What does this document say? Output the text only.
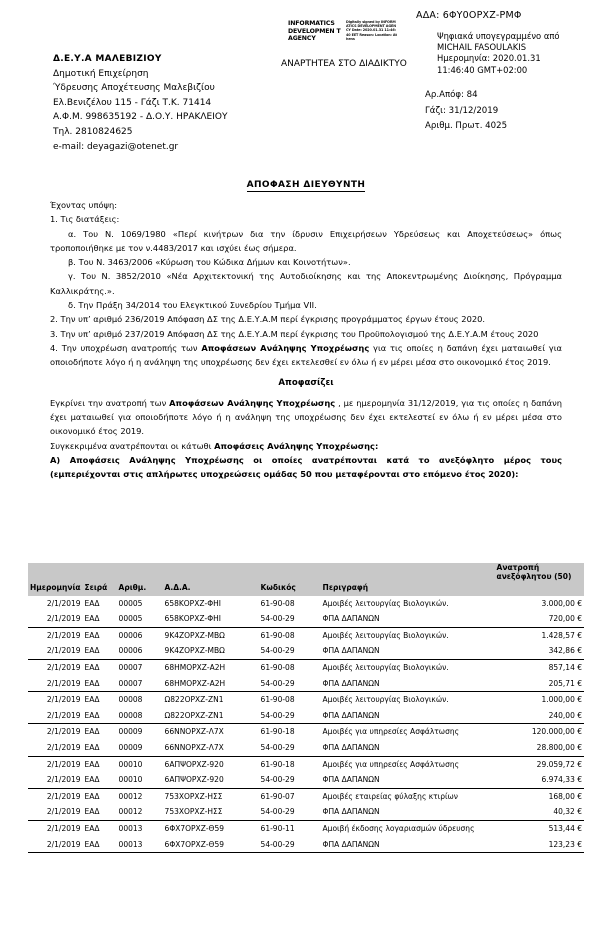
ΑΔΑ: 6ΦΥ0ΟΡΧΖ-ΡΜΦ
INFORMATICS DEVELOPMEN T AGENCY
Digitally signed by INFORMATICS DEVELOPMENT AGENCY Date: 2020.01.31 11:46:40 EET Reason: Location: Athens
ΑΝΑΡΤΗΤΕΑ ΣΤΟ ΔΙΑΔΙΚΤΥΟ
Ψηφιακά υπογεγραμμένο από
MICHAIL FASOULAKIS
Ημερομηνία: 2020.01.31
11:46:40 GMT+02:00
Δ.Ε.Υ.Α ΜΑΛΕΒΙΖΙΟΥ
Δημοτική Επιχείρηση
Ύδρευσης Αποχέτευσης Μαλεβιζίου
Ελ.Βενιζέλου 115 - Γάζι Τ.Κ. 71414
Α.Φ.Μ. 998635192 - Δ.Ο.Υ. ΗΡΑΚΛΕΙΟΥ
Τηλ. 2810824625
e-mail: deyagazi@otenet.gr
Αρ.Απόφ: 84
Γάζι: 31/12/2019
Αριθμ. Πρωτ. 4025
ΑΠΟΦΑΣΗ ΔΙΕΥΘΥΝΤΗ

Έχοντας υπόψη:

1. Τις διατάξεις:

α. Του Ν. 1069/1980 «Περί κινήτρων δια την ίδρυσιν Επιχειρήσεων Υδρεύσεως και Αποχετεύσεως» όπως τροποποιήθηκε με τον ν.4483/2017 και ισχύει έως σήμερα.

β. Του Ν. 3463/2006 «Κύρωση του Κώδικα Δήμων και Κοινοτήτων».

γ. Του Ν. 3852/2010 «Νέα Αρχιτεκτονική της Αυτοδιοίκησης και της Αποκεντρωμένης Διοίκησης, Πρόγραμμα Καλλικράτης.».

δ. Την Πράξη 34/2014 του Ελεγκτικού Συνεδρίου Τμήμα VII.

2. Την υπ’ αριθμό 236/2019 Απόφαση ΔΣ της Δ.Ε.Υ.Α.Μ περί έγκρισης προγράμματος έργων έτους 2020.

3. Την υπ’ αριθμό 237/2019 Απόφαση ΔΣ της Δ.Ε.Υ.Α.Μ περί έγκρισης του Προϋπολογισμού της Δ.Ε.Υ.Α.Μ έτους 2020

4. Την υποχρέωση ανατροπής των Αποφάσεων Ανάληψης Υποχρέωσης για τις οποίες η δαπάνη έχει ματαιωθεί για οποιοδήποτε λόγο ή η ανάληψη της υποχρέωσης δεν έχει εκτελεσθεί εν όλω ή εν μέρει μέσα στο οικονομικό έτος 2019.

Αποφασίζει

Εγκρίνει την ανατροπή των Αποφάσεων Ανάληψης Υποχρέωσης , με ημερομηνία 31/12/2019, για τις οποίες η δαπάνη έχει ματαιωθεί για οποιοδήποτε λόγο ή η ανάληψη της υποχρέωσης δεν έχει εκτελεστεί εν όλω ή εν μέρει μέσα στο οικονομικό έτος 2019.

Συγκεκριμένα ανατρέπονται οι κάτωθι Αποφάσεις Ανάληψης Υποχρέωσης:

Α) Αποφάσεις Ανάληψης Υποχρέωσης οι οποίες ανατρέπονται κατά το ανεξόφλητο μέρος τους (εμπεριέχονται στις απλήρωτες υποχρεώσεις ομάδας 50 που μεταφέρονται στο επόμενο έτος 2020):

						Ανατροπή ανεξόφλητου (50)
Ημερομηνία	Σειρά	Αριθμ.	Α.Δ.Α.	Κωδικός	Περιγραφή	
2/1/2019	ΕΑΔ	00005	658ΚΟΡΧΖ-ΦΗΙ	61-90-08	Αμοιβές λειτουργίας Βιολογικών.	3.000,00 €
2/1/2019	ΕΑΔ	00005	658ΚΟΡΧΖ-ΦΗΙ	54-00-29	ΦΠΑ ΔΑΠΑΝΩΝ	720,00 €
2/1/2019	ΕΑΔ	00006	9Κ4ΖΟΡΧΖ-ΜΒΩ	61-90-08	Αμοιβές λειτουργίας Βιολογικών.	1.428,57 €
2/1/2019	ΕΑΔ	00006	9Κ4ΖΟΡΧΖ-ΜΒΩ	54-00-29	ΦΠΑ ΔΑΠΑΝΩΝ	342,86 €
2/1/2019	ΕΑΔ	00007	68ΗΜΟΡΧΖ-Α2Η	61-90-08	Αμοιβές λειτουργίας Βιολογικών.	857,14 €
2/1/2019	ΕΑΔ	00007	68ΗΜΟΡΧΖ-Α2Η	54-00-29	ΦΠΑ ΔΑΠΑΝΩΝ	205,71 €
2/1/2019	ΕΑΔ	00008	Ω822ΟΡΧΖ-ΖΝ1	61-90-08	Αμοιβές λειτουργίας Βιολογικών.	1.000,00 €
2/1/2019	ΕΑΔ	00008	Ω822ΟΡΧΖ-ΖΝ1	54-00-29	ΦΠΑ ΔΑΠΑΝΩΝ	240,00 €
2/1/2019	ΕΑΔ	00009	66ΝΝΟΡΧΖ-Λ7Χ	61-90-18	Αμοιβές για υπηρεσίες Ασφάλτωσης	120.000,00 €
2/1/2019	ΕΑΔ	00009	66ΝΝΟΡΧΖ-Λ7Χ	54-00-29	ΦΠΑ ΔΑΠΑΝΩΝ	28.800,00 €
2/1/2019	ΕΑΔ	00010	6ΑΠΨΟΡΧΖ-920	61-90-18	Αμοιβές για υπηρεσίες Ασφάλτωσης	29.059,72 €
2/1/2019	ΕΑΔ	00010	6ΑΠΨΟΡΧΖ-920	54-00-29	ΦΠΑ ΔΑΠΑΝΩΝ	6.974,33 €
2/1/2019	ΕΑΔ	00012	753ΧΟΡΧΖ-ΗΣΣ	61-90-07	Αμοιβές εταιρείας φύλαξης κτιρίων	168,00 €
2/1/2019	ΕΑΔ	00012	753ΧΟΡΧΖ-ΗΣΣ	54-00-29	ΦΠΑ ΔΑΠΑΝΩΝ	40,32 €
2/1/2019	ΕΑΔ	00013	6ΦΧ7ΟΡΧΖ-Θ59	61-90-11	Αμοιβή έκδοσης λογαριασμών ύδρευσης	513,44 €
2/1/2019	ΕΑΔ	00013	6ΦΧ7ΟΡΧΖ-Θ59	54-00-29	ΦΠΑ ΔΑΠΑΝΩΝ	123,23 €
